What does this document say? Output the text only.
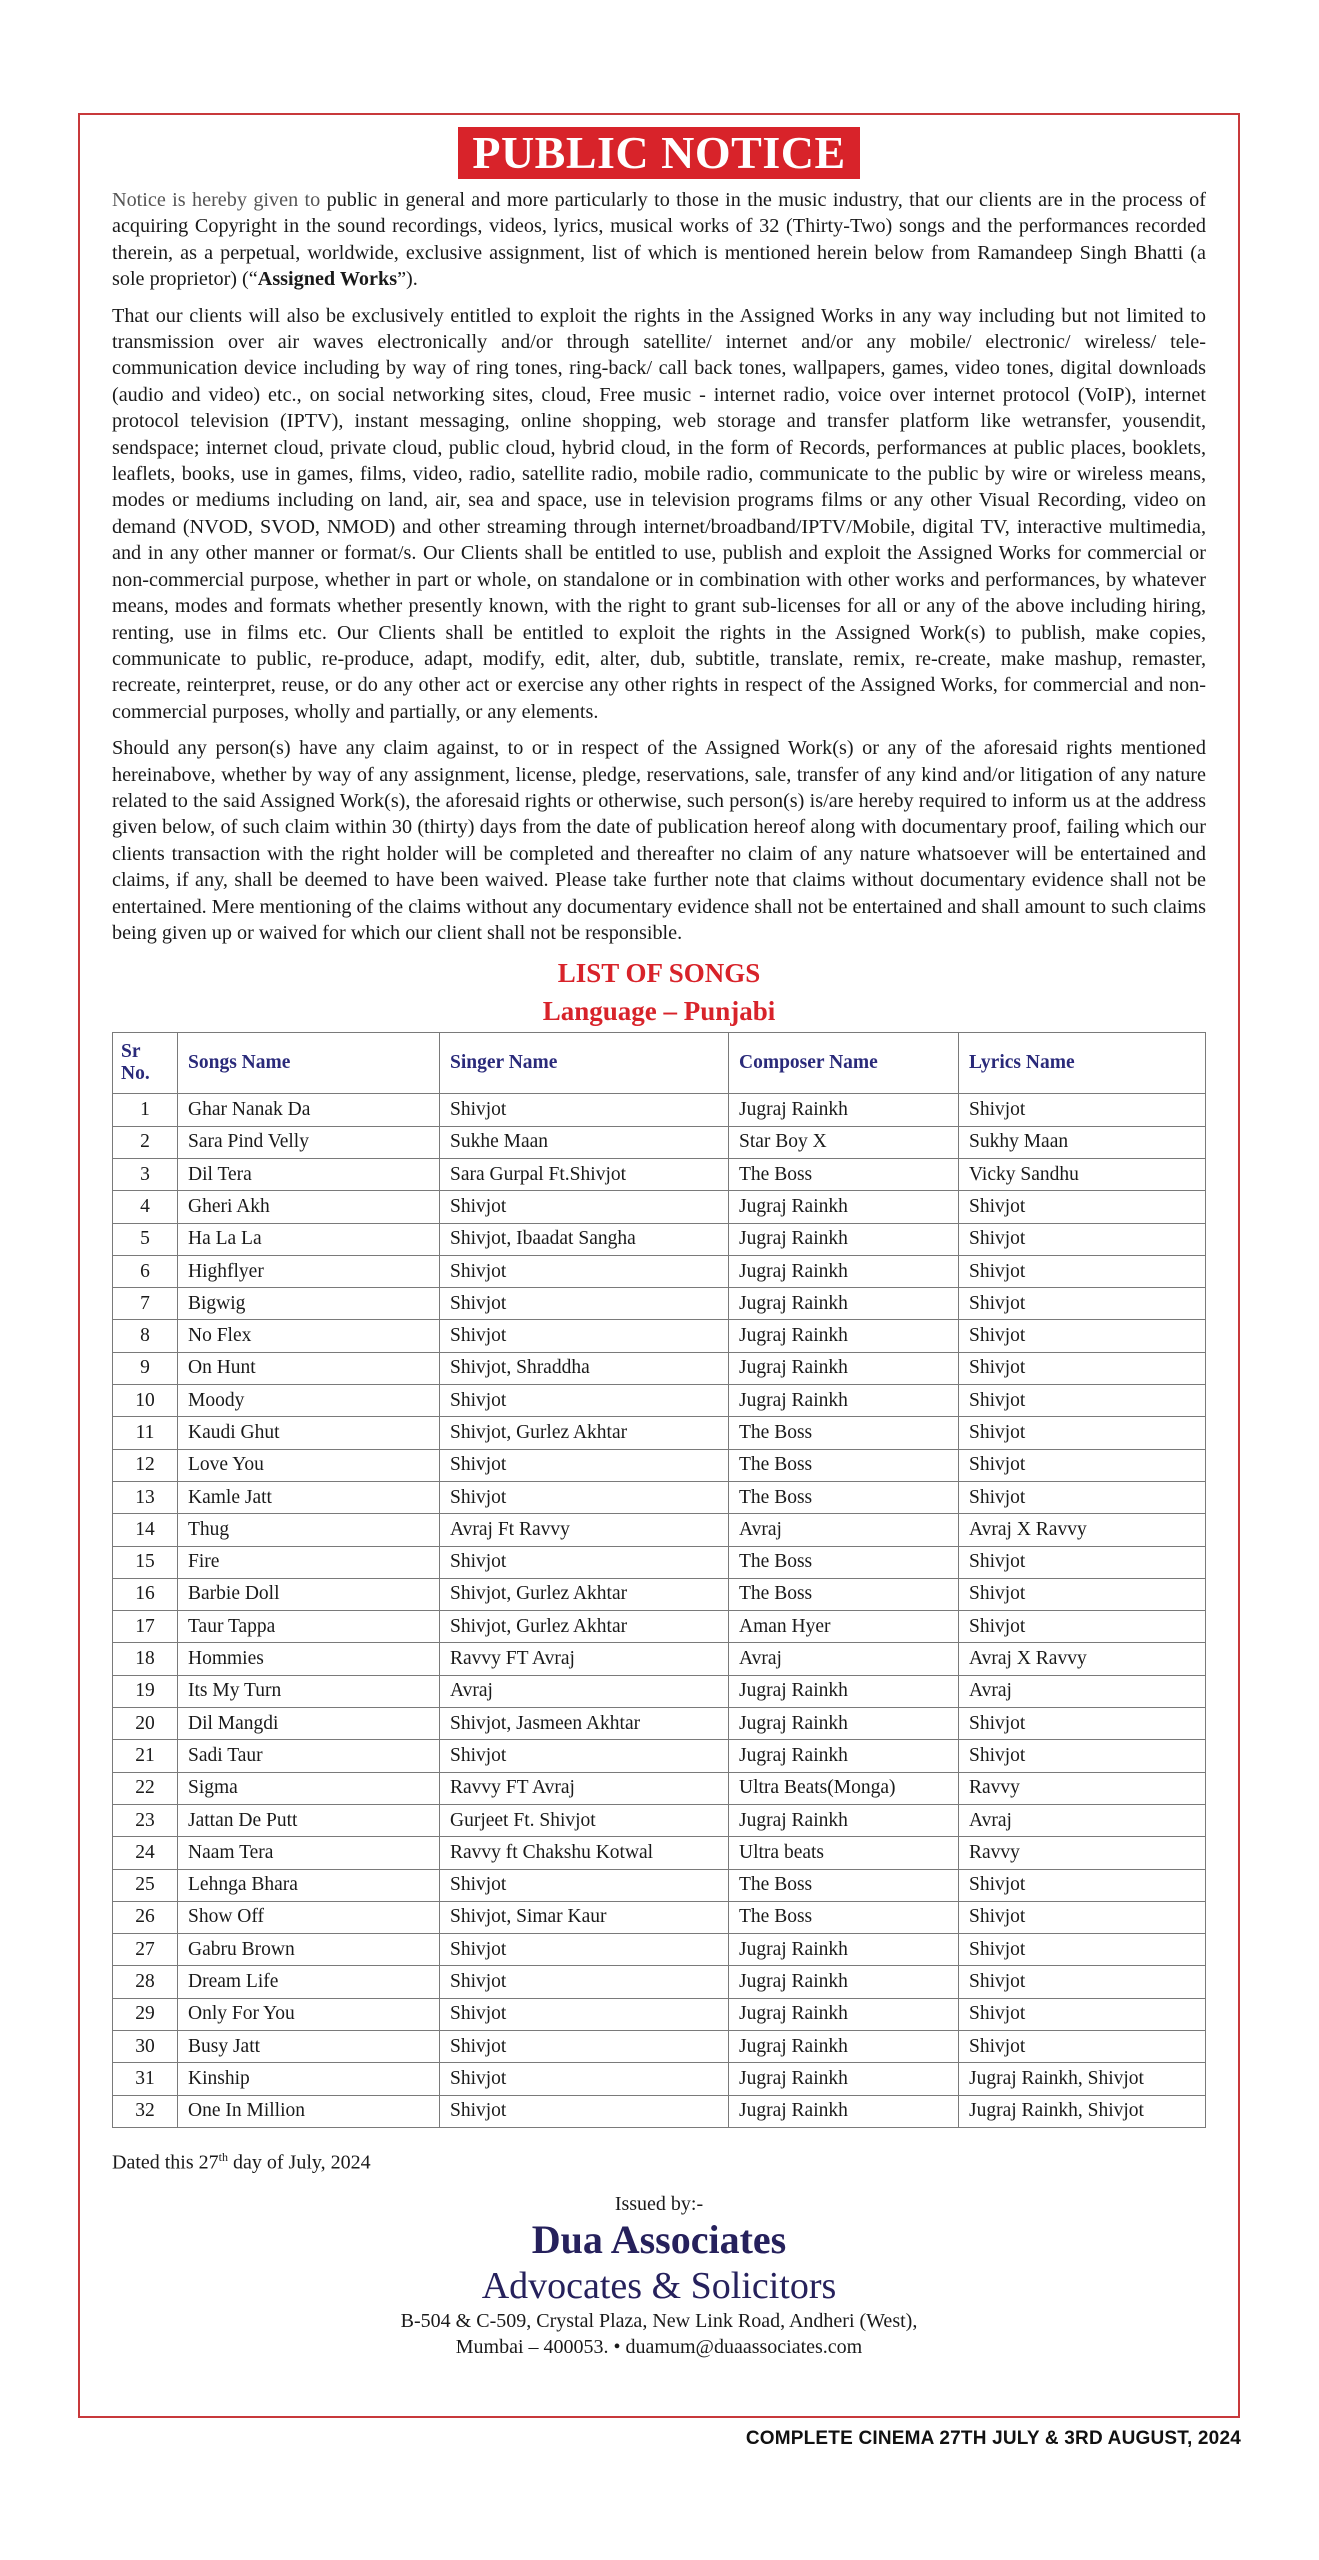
PUBLIC NOTICE

Notice is hereby given to public in general and more particularly to those in the music industry, that our clients are in the process of acquiring Copyright in the sound recordings, videos, lyrics, musical works of 32 (Thirty-Two) songs and the performances recorded therein, as a perpetual, worldwide, exclusive assignment, list of which is mentioned herein below from Ramandeep Singh Bhatti (a sole proprietor) (“Assigned Works”).

That our clients will also be exclusively entitled to exploit the rights in the Assigned Works in any way including but not limited to transmission over air waves electronically and/or through satellite/ internet and/or any mobile/ electronic/ wireless/ tele-communication device including by way of ring tones, ring-back/ call back tones, wallpapers, games, video tones, digital downloads (audio and video) etc., on social networking sites, cloud, Free music - internet radio, voice over internet protocol (VoIP), internet protocol television (IPTV), instant messaging, online shopping, web storage and transfer platform like wetransfer, yousendit, sendspace; internet cloud, private cloud, public cloud, hybrid cloud, in the form of Records, performances at public places, booklets, leaflets, books, use in games, films, video, radio, satellite radio, mobile radio, communicate to the public by wire or wireless means, modes or mediums including on land, air, sea and space, use in television programs films or any other Visual Recording, video on demand (NVOD, SVOD, NMOD) and other streaming through internet/broadband/IPTV/Mobile, digital TV, interactive multimedia, and in any other manner or format/s. Our Clients shall be entitled to use, publish and exploit the Assigned Works for commercial or non-commercial purpose, whether in part or whole, on standalone or in combination with other works and performances, by whatever means, modes and formats whether presently known, with the right to grant sub-licenses for all or any of the above including hiring, renting, use in films etc. Our Clients shall be entitled to exploit the rights in the Assigned Work(s) to publish, make copies, communicate to public, re-produce, adapt, modify, edit, alter, dub, subtitle, translate, remix, re-create, make mashup, remaster, recreate, reinterpret, reuse, or do any other act or exercise any other rights in respect of the Assigned Works, for commercial and non-commercial purposes, wholly and partially, or any elements.

Should any person(s) have any claim against, to or in respect of the Assigned Work(s) or any of the aforesaid rights mentioned hereinabove, whether by way of any assignment, license, pledge, reservations, sale, transfer of any kind and/or litigation of any nature related to the said Assigned Work(s), the aforesaid rights or otherwise, such person(s) is/are hereby required to inform us at the address given below, of such claim within 30 (thirty) days from the date of publication hereof along with documentary proof, failing which our clients transaction with the right holder will be completed and thereafter no claim of any nature whatsoever will be entertained and claims, if any, shall be deemed to have been waived. Please take further note that claims without documentary evidence shall not be entertained. Mere mentioning of the claims without any documentary evidence shall not be entertained and shall amount to such claims being given up or waived for which our client shall not be responsible.

LIST OF SONGS
Language – Punjabi
Sr No.	Songs Name	Singer Name	Composer Name	Lyrics Name
1	Ghar Nanak Da	Shivjot	Jugraj Rainkh	Shivjot
2	Sara Pind Velly	Sukhe Maan	Star Boy X	Sukhy Maan
3	Dil Tera	Sara Gurpal Ft.Shivjot	The Boss	Vicky Sandhu
4	Gheri Akh	Shivjot	Jugraj Rainkh	Shivjot
5	Ha La La	Shivjot, Ibaadat Sangha	Jugraj Rainkh	Shivjot
6	Highflyer	Shivjot	Jugraj Rainkh	Shivjot
7	Bigwig	Shivjot	Jugraj Rainkh	Shivjot
8	No Flex	Shivjot	Jugraj Rainkh	Shivjot
9	On Hunt	Shivjot, Shraddha	Jugraj Rainkh	Shivjot
10	Moody	Shivjot	Jugraj Rainkh	Shivjot
11	Kaudi Ghut	Shivjot, Gurlez Akhtar	The Boss	Shivjot
12	Love You	Shivjot	The Boss	Shivjot
13	Kamle Jatt	Shivjot	The Boss	Shivjot
14	Thug	Avraj Ft Ravvy	Avraj	Avraj X Ravvy
15	Fire	Shivjot	The Boss	Shivjot
16	Barbie Doll	Shivjot, Gurlez Akhtar	The Boss	Shivjot
17	Taur Tappa	Shivjot, Gurlez Akhtar	Aman Hyer	Shivjot
18	Hommies	Ravvy FT Avraj	Avraj	Avraj X Ravvy
19	Its My Turn	Avraj	Jugraj Rainkh	Avraj
20	Dil Mangdi	Shivjot, Jasmeen Akhtar	Jugraj Rainkh	Shivjot
21	Sadi Taur	Shivjot	Jugraj Rainkh	Shivjot
22	Sigma	Ravvy FT Avraj	Ultra Beats(Monga)	Ravvy
23	Jattan De Putt	Gurjeet Ft. Shivjot	Jugraj Rainkh	Avraj
24	Naam Tera	Ravvy ft Chakshu Kotwal	Ultra beats	Ravvy
25	Lehnga Bhara	Shivjot	The Boss	Shivjot
26	Show Off	Shivjot, Simar Kaur	The Boss	Shivjot
27	Gabru Brown	Shivjot	Jugraj Rainkh	Shivjot
28	Dream Life	Shivjot	Jugraj Rainkh	Shivjot
29	Only For You	Shivjot	Jugraj Rainkh	Shivjot
30	Busy Jatt	Shivjot	Jugraj Rainkh	Shivjot
31	Kinship	Shivjot	Jugraj Rainkh	Jugraj Rainkh, Shivjot
32	One In Million	Shivjot	Jugraj Rainkh	Jugraj Rainkh, Shivjot
Dated this 27th day of July, 2024
Issued by:-
Dua Associates
Advocates & Solicitors
B-504 & C-509, Crystal Plaza, New Link Road, Andheri (West),
Mumbai – 400053. • duamum@duaassociates.com
COMPLETE CINEMA 27TH JULY & 3RD AUGUST, 2024
